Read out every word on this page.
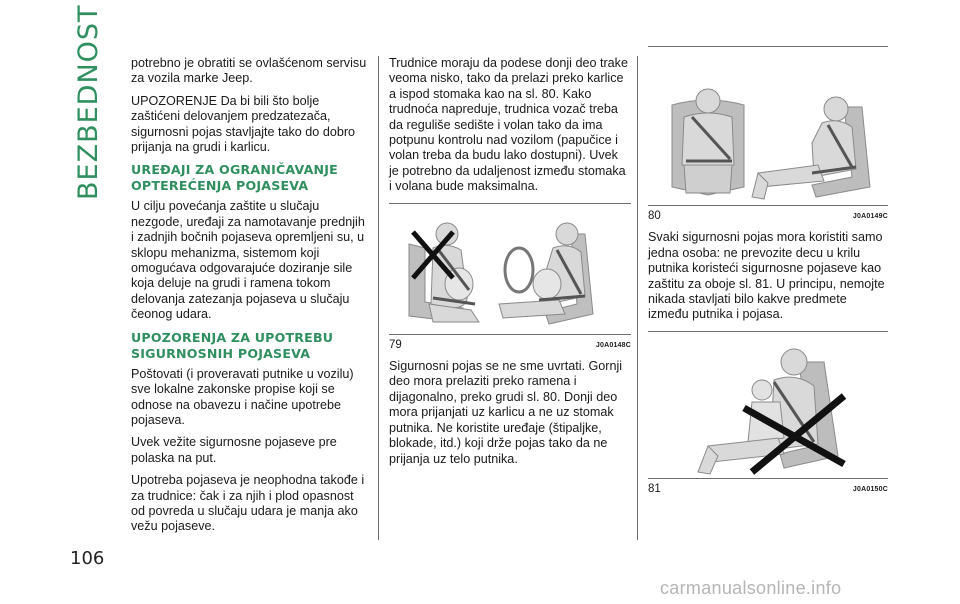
BEZBEDNOST
106

potrebno je obratiti se ovlašćenom servisu za vozila marke Jeep.

UPOZORENJE Da bi bili što bolje zaštićeni delovanjem predzatezača, sigurnosni pojas stavljajte tako do dobro prijanja na grudi i karlicu.

UREĐAJI ZA OGRANIČAVANJE OPTEREĆENJA POJASEVA

U cilju povećanja zaštite u slučaju nezgode, uređaji za namotavanje prednjih i zadnjih bočnih pojaseva opremljeni su, u sklopu mehanizma, sistemom koji omogućava odgovarajuće doziranje sile koja deluje na grudi i ramena tokom delovanja zatezanja pojaseva u slučaju čeonog udara.

UPOZORENJA ZA UPOTREBU SIGURNOSNIH POJASEVA

Poštovati (i proveravati putnike u vozilu) sve lokalne zakonske propise koji se odnose na obavezu i načine upotrebe pojaseva.

Uvek vežite sigurnosne pojaseve pre polaska na put.

Upotreba pojaseva je neophodna takođe i za trudnice: čak i za njih i plod opasnost od povreda u slučaju udara je manja ako vežu pojaseve.

Trudnice moraju da podese donji deo trake veoma nisko, tako da prelazi preko karlice a ispod stomaka kao na sl. 80. Kako trudnoća napreduje, trudnica vozač treba da reguliše sedište i volan tako da ima potpunu kontrolu nad vozilom (papučice i volan treba da budu lako dostupni). Uvek je potrebno da udaljenost između stomaka i volana bude maksimalna.

79	J0A0148C

Sigurnosni pojas se ne sme uvrtati. Gornji deo mora prelaziti preko ramena i dijagonalno, preko grudi sl. 80. Donji deo mora prijanjati uz karlicu a ne uz stomak putnika. Ne koristite uređaje (štipaljke, blokade, itd.) koji drže pojas tako da ne prijanja uz telo putnika.

80	J0A0149C

Svaki sigurnosni pojas mora koristiti samo jedna osoba: ne prevozite decu u krilu putnika koristeći sigurnosne pojaseve kao zaštitu za oboje sl. 81. U principu, nemojte nikada stavljati bilo kakve predmete između putnika i pojasa.

81	J0A0150C
carmanualsonline.info
